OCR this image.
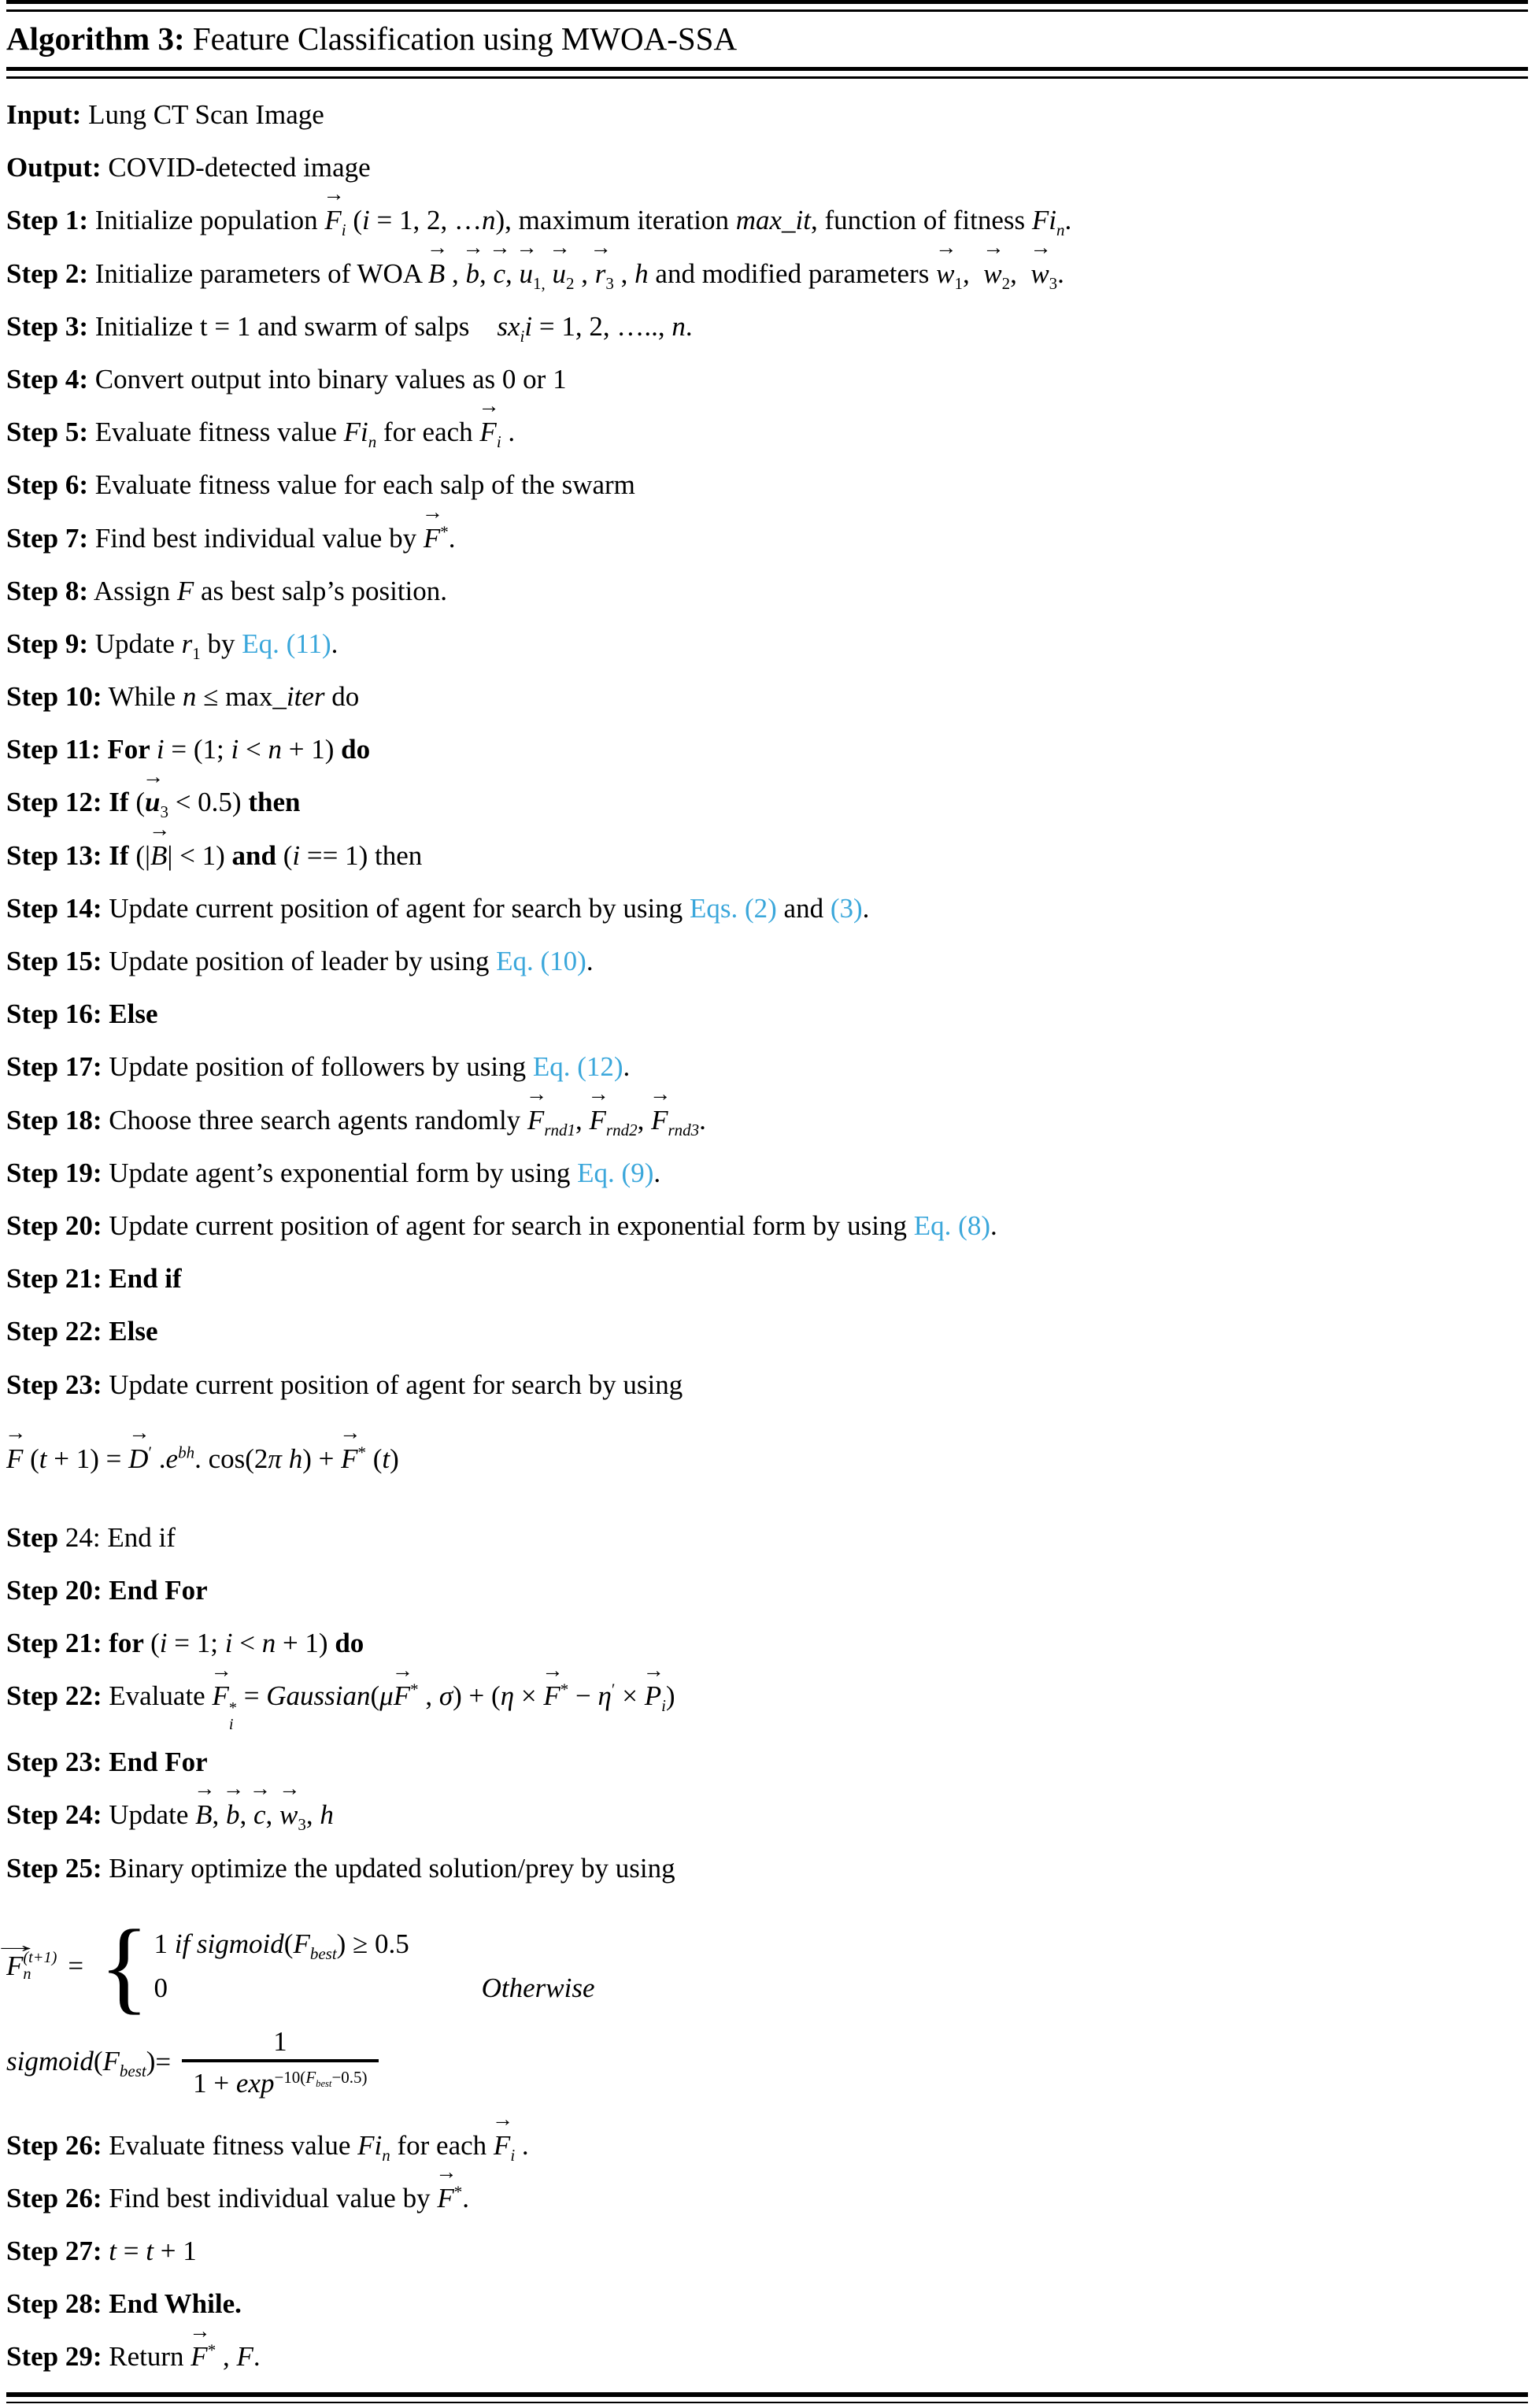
Algorithm 3: Feature Classification using MWOA-SSA
Input: Lung CT Scan Image
Output: COVID-detected image
Step 1: Initialize population
→
$F_i$ (i = 1, 2, …n), maximum iteration max_it, function of fitness $Fi_n$.
Step 2: Initialize parameters of WOA
→
B ,
→
b,
→
c,
→
$u_{1,}$
→ $u_2$ ,
→
$r_3$ , h and modified parameters
→
$w_1$,
→
$w_2$,
→
$w_3$.
Step 3: Initialize t = 1 and swarm of salps    $sx_ii = 1$, 2, ….., n.
Step 4: Convert output into binary values as 0 or 1
Step 5: Evaluate fitness value $Fi_n$ for each
→
$F_i$ .
Step 6: Evaluate fitness value for each salp of the swarm
Step 7: Find best individual value by
→
F*.
Step 8: Assign F as best salp’s position.
Step 9: Update $r_1$ by Eq. (11).
Step 10: While n ≤ max_iter do
Step 11: For i = (1; i < n + 1) do
Step 12: If (
→
$u_3 < 0.5$) then
Step 13: If (|
→
B| < 1) and (i == 1) then
Step 14: Update current position of agent for search by using Eqs. (2) and (3).
Step 15: Update position of leader by using Eq. (10).
Step 16: Else
Step 17: Update position of followers by using Eq. (12).
Step 18: Choose three search agents randomly
→
$F_{rnd1}$,
→
$F_{rnd2}$,
→
$F_{rnd3}$.
Step 19: Update agent’s exponential form by using Eq. (9).
Step 20: Update current position of agent for search in exponential form by using Eq. (8).
Step 21: End if
Step 22: Else
Step 23: Update current position of agent for search by using
→
F (t + 1) =
→
D′ $.e^{bh}$. cos(2π h) +
→
F* (t)
Step 24: End if
Step 20: End For
Step 21: for (i = 1; i < n + 1) do
Step 22: Evaluate
→
F *
i
= Gaussian(μ
→
F* , σ) + (η ×
→
F* − η′ ×
→
$P_i$)
Step 23: End For
Step 24: Update
→
B,
→
b,
→
c,
→
$w_3$, h
Step 25: Binary optimize the updated solution/prey by using
→
F (t+1)
n = { 1 if $sigmoid(F_{best}) \ge 0.5$
0	Otherwise
$sigmoid(F_{best}) = \frac{1}{1 + \exp^{-10(F_{best}-0.5)}}$
Step 26: Evaluate fitness value $Fi_n$ for each
→
$F_i$ .
Step 26: Find best individual value by
→
F*.
Step 27: t = t + 1
Step 28: End While.
Step 29: Return
→
F* , F.
